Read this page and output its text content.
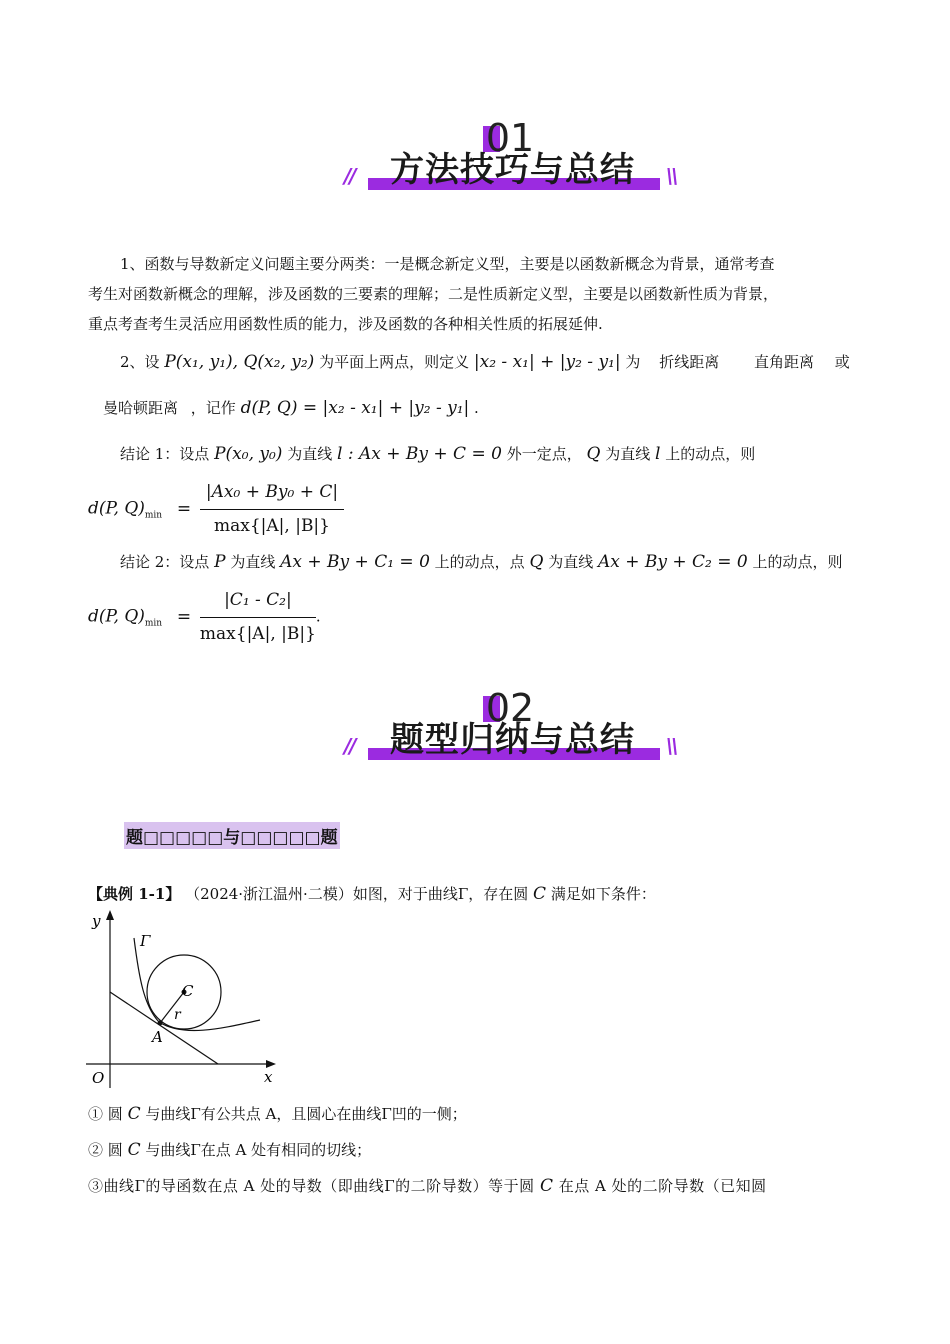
01
//	方法技巧与总结	\\
1、函数与导数新定义问题主要分两类：一是概念新定义型，主要是以函数新概念为背景，通常考查
考生对函数新概念的理解，涉及函数的三要素的理解；二是性质新定义型，主要是以函数新性质为背景，
重点考查考生灵活应用函数性质的能力，涉及函数的各种相关性质的拓展延伸.
2、设 P(x₁, y₁), Q(x₂, y₂) 为平面上两点，则定义 |x₂ - x₁| + |y₂ - y₁| 为 折线距离 直角距离 或
曼哈顿距离 ，记作 d(P, Q) = |x₂ - x₁| + |y₂ - y₁| .
结论 1：设点 P(x₀, y₀) 为直线 l : Ax + By + C = 0 外一定点， Q 为直线 l 上的动点，则
d(P, $Q)_{min} = \frac{\text{|Ax₀ + By₀ + C|}}{\max\{|A|, |B|\}}$
结论 2：设点 P 为直线 Ax + By + C₁ = 0 上的动点，点 Q 为直线 Ax + By + C₂ = 0 上的动点，则
d(P, $Q)_{min} = \frac{\text{|C₁ - C₂|}}{\max\{|A|, |B|\}}$ .
02
//	题型归纳与总结	\\
题□□□□□与□□□□□题
【典例 1-1】 （2024·浙江温州·二模）如图，对于曲线Γ，存在圆 C 满足如下条件：
y
x
O
Γ
C
r
A
① 圆 C 与曲线Γ有公共点 A，且圆心在曲线Γ凹的一侧；
② 圆 C 与曲线Γ在点 A 处有相同的切线；
③曲线Γ的导函数在点 A 处的导数（即曲线Γ的二阶导数）等于圆 C 在点 A 处的二阶导数（已知圆
